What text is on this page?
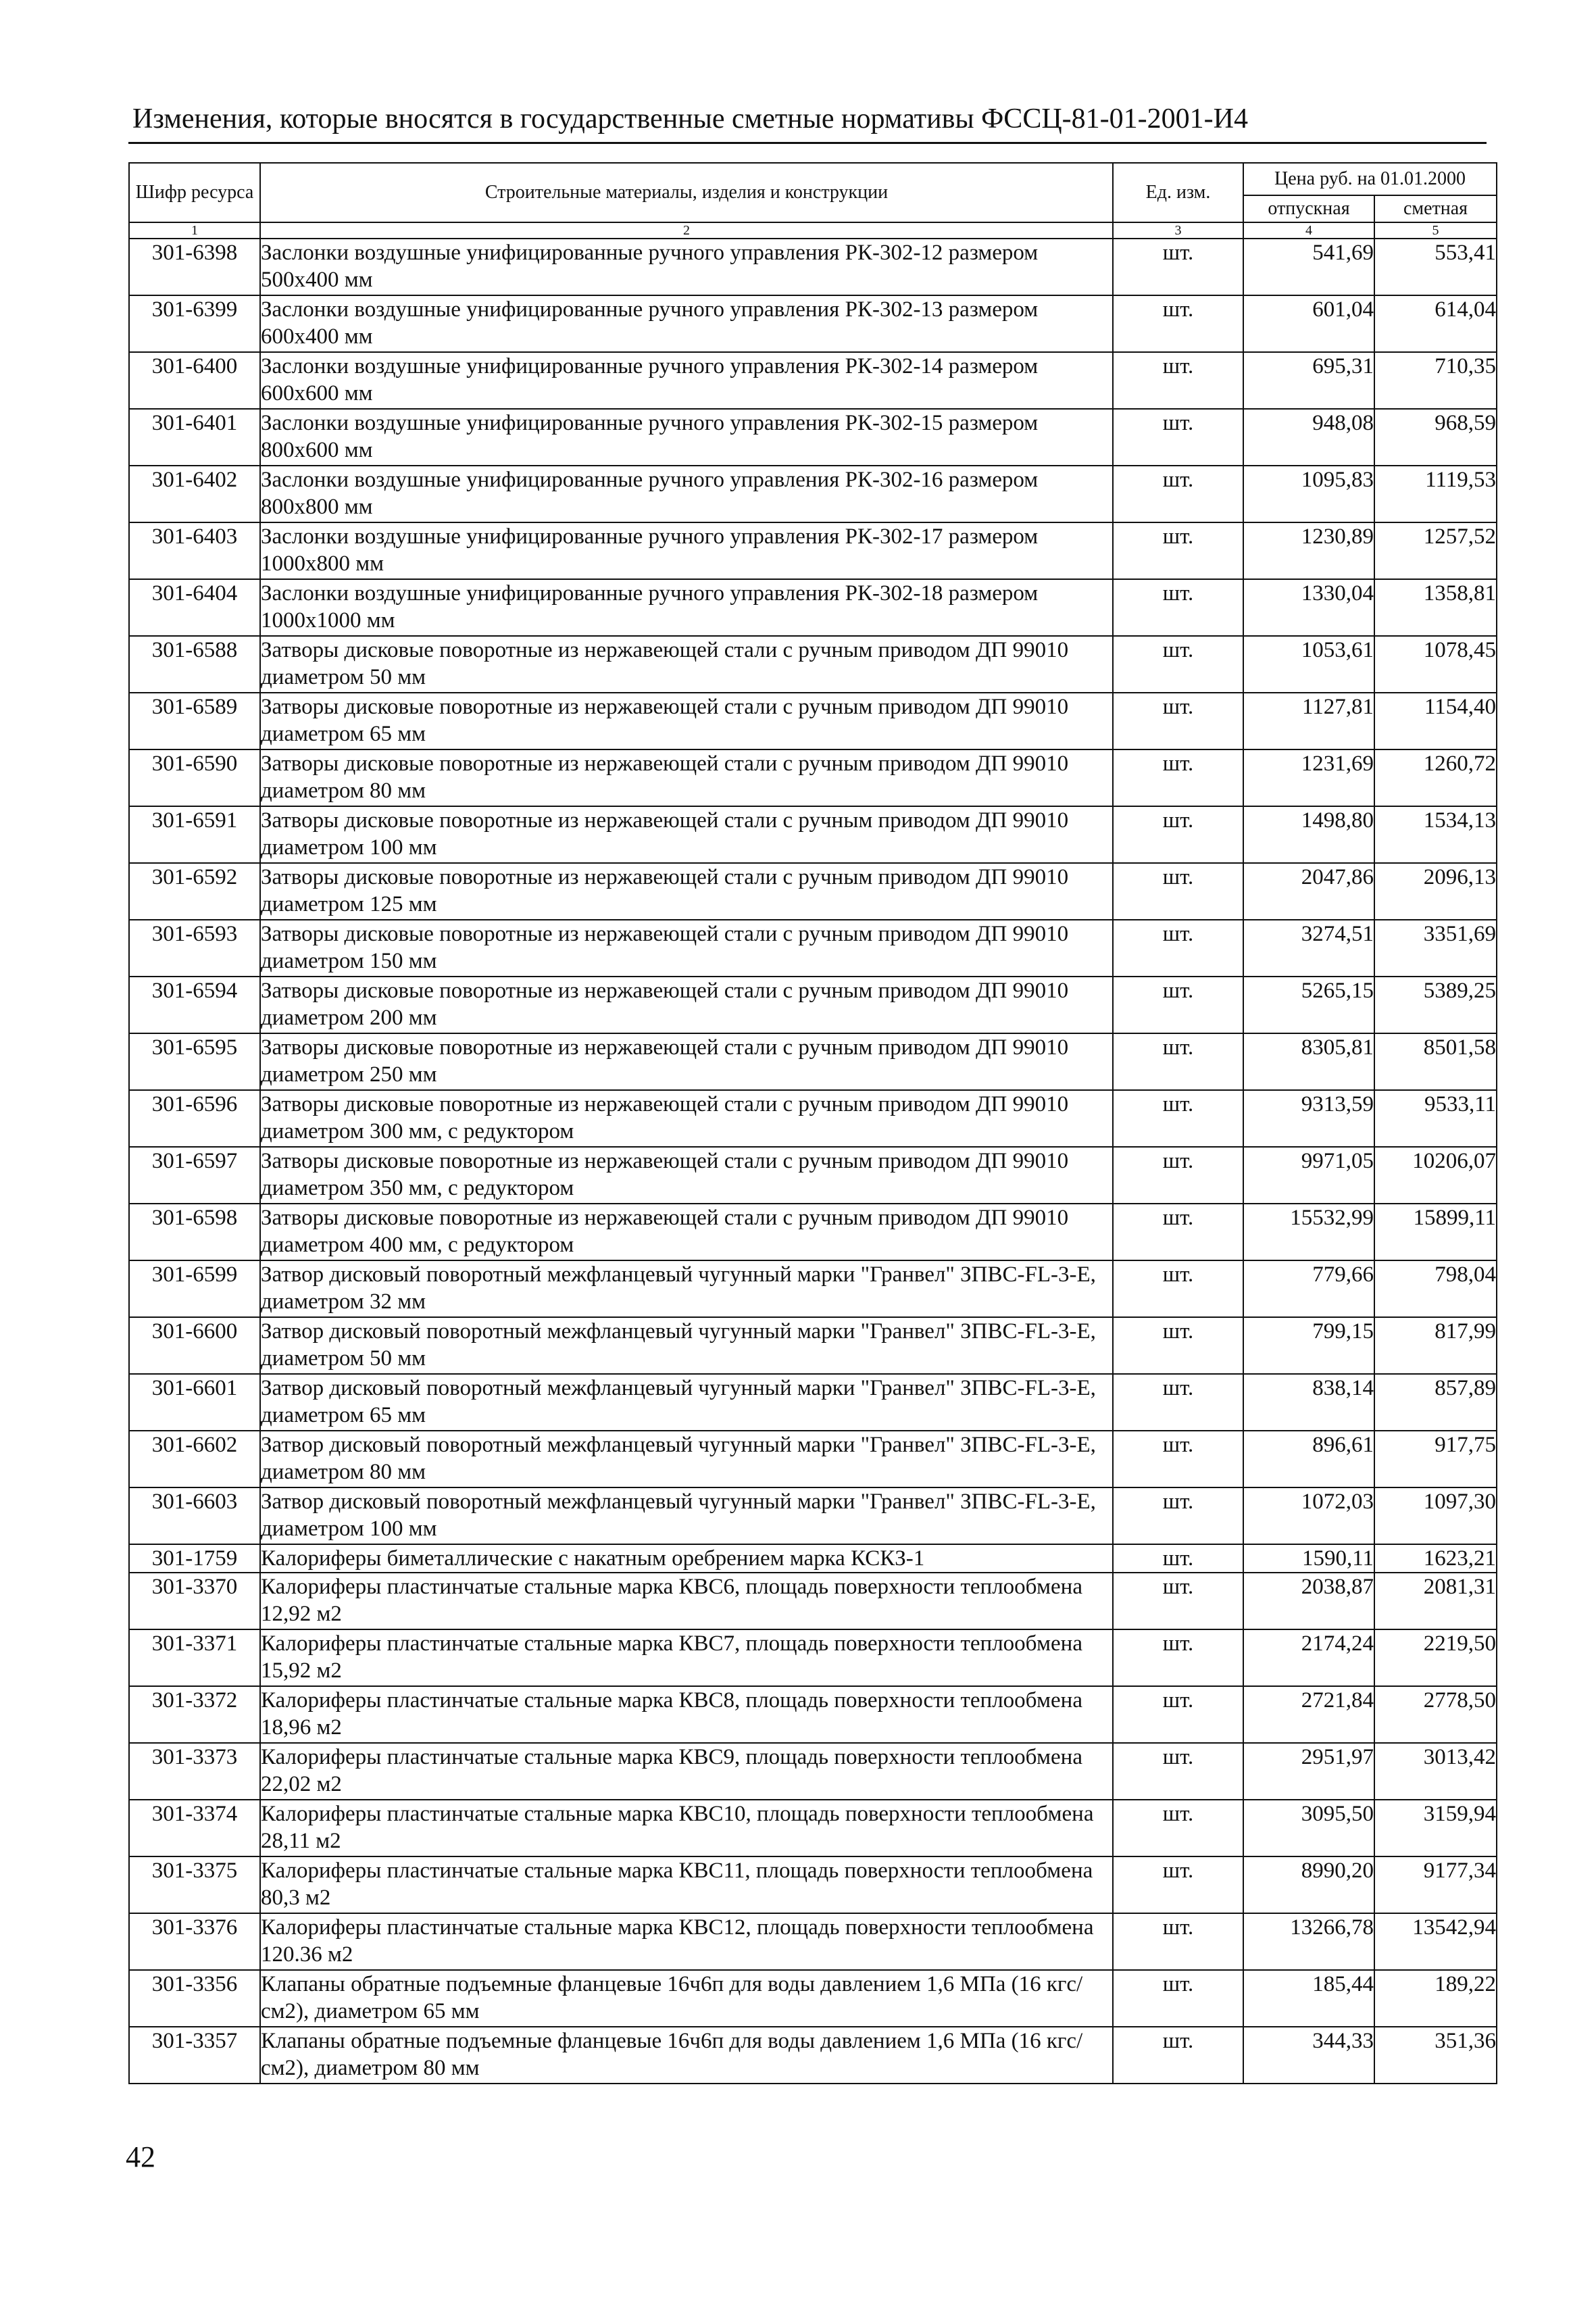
Изменения, которые вносятся в государственные сметные нормативы ФССЦ-81-01-2001-И4
Шифр ресурса	Строительные материалы, изделия и конструкции	Ед. изм.	Цена руб. на 01.01.2000	
			отпускная	сметная
1	2	3	4	5
301-6398	Заслонки воздушные унифицированные ручного управления РК-302-12 размером 500х400 мм	шт.	541,69	553,41
301-6399	Заслонки воздушные унифицированные ручного управления РК-302-13 размером 600х400 мм	шт.	601,04	614,04
301-6400	Заслонки воздушные унифицированные ручного управления РК-302-14 размером 600х600 мм	шт.	695,31	710,35
301-6401	Заслонки воздушные унифицированные ручного управления РК-302-15 размером 800х600 мм	шт.	948,08	968,59
301-6402	Заслонки воздушные унифицированные ручного управления РК-302-16 размером 800х800 мм	шт.	1095,83	1119,53
301-6403	Заслонки воздушные унифицированные ручного управления РК-302-17 размером 1000х800 мм	шт.	1230,89	1257,52
301-6404	Заслонки воздушные унифицированные ручного управления РК-302-18 размером 1000х1000 мм	шт.	1330,04	1358,81
301-6588	Затворы дисковые поворотные из нержавеющей стали с ручным приводом ДП 99010 диаметром 50 мм	шт.	1053,61	1078,45
301-6589	Затворы дисковые поворотные из нержавеющей стали с ручным приводом ДП 99010 диаметром 65 мм	шт.	1127,81	1154,40
301-6590	Затворы дисковые поворотные из нержавеющей стали с ручным приводом ДП 99010 диаметром 80 мм	шт.	1231,69	1260,72
301-6591	Затворы дисковые поворотные из нержавеющей стали с ручным приводом ДП 99010 диаметром 100 мм	шт.	1498,80	1534,13
301-6592	Затворы дисковые поворотные из нержавеющей стали с ручным приводом ДП 99010 диаметром 125 мм	шт.	2047,86	2096,13
301-6593	Затворы дисковые поворотные из нержавеющей стали с ручным приводом ДП 99010 диаметром 150 мм	шт.	3274,51	3351,69
301-6594	Затворы дисковые поворотные из нержавеющей стали с ручным приводом ДП 99010 диаметром 200 мм	шт.	5265,15	5389,25
301-6595	Затворы дисковые поворотные из нержавеющей стали с ручным приводом ДП 99010 диаметром 250 мм	шт.	8305,81	8501,58
301-6596	Затворы дисковые поворотные из нержавеющей стали с ручным приводом ДП 99010 диаметром 300 мм, с редуктором	шт.	9313,59	9533,11
301-6597	Затворы дисковые поворотные из нержавеющей стали с ручным приводом ДП 99010 диаметром 350 мм, с редуктором	шт.	9971,05	10206,07
301-6598	Затворы дисковые поворотные из нержавеющей стали с ручным приводом ДП 99010 диаметром 400 мм, с редуктором	шт.	15532,99	15899,11
301-6599	Затвор дисковый поворотный межфланцевый чугунный марки "Гранвел" ЗПВС-FL-3-Е, диаметром 32 мм	шт.	779,66	798,04
301-6600	Затвор дисковый поворотный межфланцевый чугунный марки "Гранвел" ЗПВС-FL-3-Е, диаметром 50 мм	шт.	799,15	817,99
301-6601	Затвор дисковый поворотный межфланцевый чугунный марки "Гранвел" ЗПВС-FL-3-Е, диаметром 65 мм	шт.	838,14	857,89
301-6602	Затвор дисковый поворотный межфланцевый чугунный марки "Гранвел" ЗПВС-FL-3-Е, диаметром 80 мм	шт.	896,61	917,75
301-6603	Затвор дисковый поворотный межфланцевый чугунный марки "Гранвел" ЗПВС-FL-3-Е, диаметром 100 мм	шт.	1072,03	1097,30
301-1759	Калориферы биметаллические с накатным оребрением марка КСКЗ-1	шт.	1590,11	1623,21
301-3370	Калориферы пластинчатые стальные марка КВС6, площадь поверхности теплообмена 12,92 м2	шт.	2038,87	2081,31
301-3371	Калориферы пластинчатые стальные марка КВС7, площадь поверхности теплообмена 15,92 м2	шт.	2174,24	2219,50
301-3372	Калориферы пластинчатые стальные марка КВС8, площадь поверхности теплообмена 18,96 м2	шт.	2721,84	2778,50
301-3373	Калориферы пластинчатые стальные марка КВС9, площадь поверхности теплообмена 22,02 м2	шт.	2951,97	3013,42
301-3374	Калориферы пластинчатые стальные марка КВС10, площадь поверхности теплообмена 28,11 м2	шт.	3095,50	3159,94
301-3375	Калориферы пластинчатые стальные марка КВС11, площадь поверхности теплообмена 80,3 м2	шт.	8990,20	9177,34
301-3376	Калориферы пластинчатые стальные марка КВС12, площадь поверхности теплообмена 120.36 м2	шт.	13266,78	13542,94
301-3356	Клапаны обратные подъемные фланцевые 16ч6п для воды давлением 1,6 МПа (16 кгс/см2), диаметром 65 мм	шт.	185,44	189,22
301-3357	Клапаны обратные подъемные фланцевые 16ч6п для воды давлением 1,6 МПа (16 кгс/см2), диаметром 80 мм	шт.	344,33	351,36
42
